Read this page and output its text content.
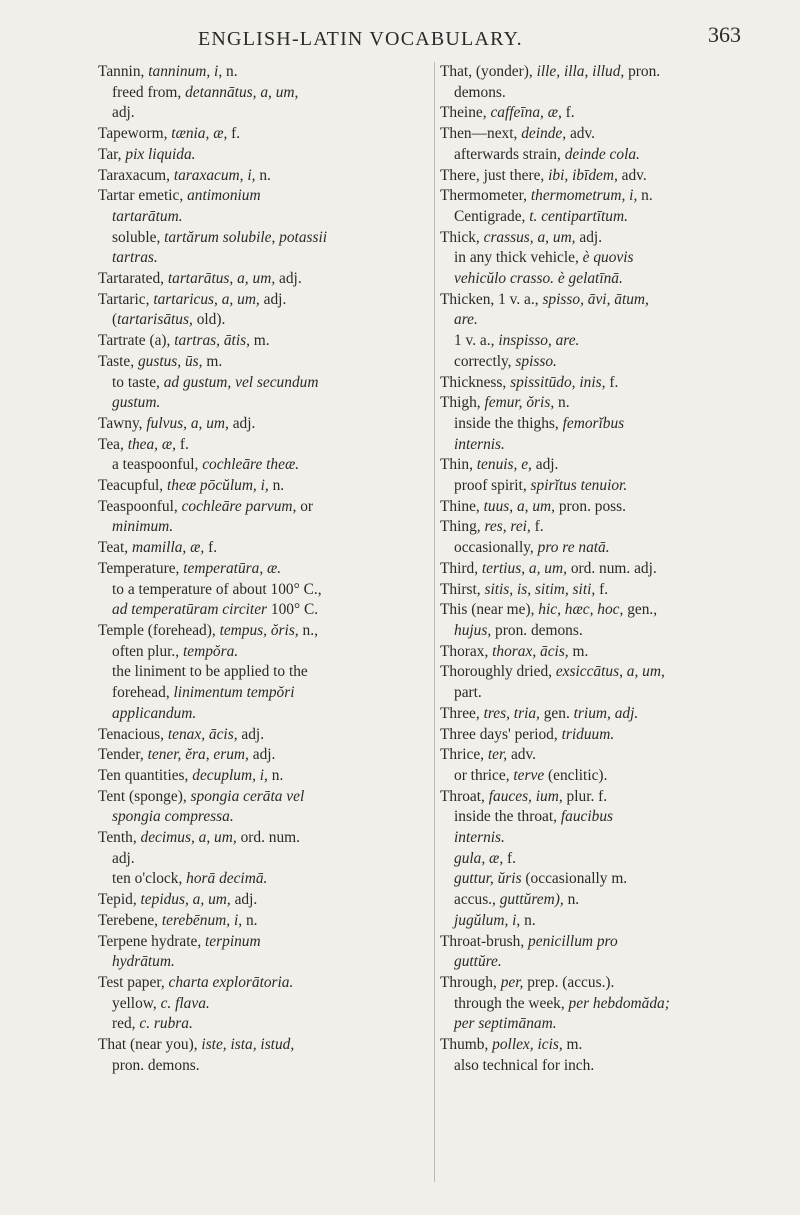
ENGLISH-LATIN VOCABULARY.	363
Tannin, tanninum, i, n.
freed from, detannātus, a, um,
adj.
Tapeworm, tænia, æ, f.
Tar, pix liquida.
Taraxacum, taraxacum, i, n.
Tartar emetic, antimonium
tartarātum.
soluble, tartărum solubile, potassii
tartras.
Tartarated, tartarātus, a, um, adj.
Tartaric, tartaricus, a, um, adj.
(tartarisātus, old).
Tartrate (a), tartras, ātis, m.
Taste, gustus, ūs, m.
to taste, ad gustum, vel secundum
gustum.
Tawny, fulvus, a, um, adj.
Tea, thea, æ, f.
a teaspoonful, cochleāre theæ.
Teacupful, theæ pōcŭlum, i, n.
Teaspoonful, cochleāre parvum, or
minimum.
Teat, mamilla, æ, f.
Temperature, temperatūra, æ.
to a temperature of about 100° C.,
ad temperatūram circiter 100° C.
Temple (forehead), tempus, ŏris, n.,
often plur., tempŏra.
the liniment to be applied to the
forehead, linimentum tempŏri
applicandum.
Tenacious, tenax, ācis, adj.
Tender, tener, ĕra, erum, adj.
Ten quantities, decuplum, i, n.
Tent (sponge), spongia cerāta vel
spongia compressa.
Tenth, decimus, a, um, ord. num.
adj.
ten o'clock, horā decimā.
Tepid, tepidus, a, um, adj.
Terebene, terebēnum, i, n.
Terpene hydrate, terpinum
hydrātum.
Test paper, charta explorātoria.
yellow, c. flava.
red, c. rubra.
That (near you), iste, ista, istud,
pron. demons.
That, (yonder), ille, illa, illud, pron.
demons.
Theine, caffeīna, æ, f.
Then—next, deinde, adv.
afterwards strain, deinde cola.
There, just there, ibi, ibīdem, adv.
Thermometer, thermometrum, i, n.
Centigrade, t. centipartītum.
Thick, crassus, a, um, adj.
in any thick vehicle, è quovis
vehicŭlo crasso. è gelatīnā.
Thicken, 1 v. a., spisso, āvi, ātum,
are.
1 v. a., inspisso, are.
correctly, spisso.
Thickness, spissitūdo, inis, f.
Thigh, femur, ŏris, n.
inside the thighs, femorĭbus
internis.
Thin, tenuis, e, adj.
proof spirit, spirĭtus tenuior.
Thine, tuus, a, um, pron. poss.
Thing, res, rei, f.
occasionally, pro re natā.
Third, tertius, a, um, ord. num. adj.
Thirst, sitis, is, sitim, siti, f.
This (near me), hic, hæc, hoc, gen.,
hujus, pron. demons.
Thorax, thorax, ācis, m.
Thoroughly dried, exsiccātus, a, um,
part.
Three, tres, tria, gen. trium, adj.
Three days' period, triduum.
Thrice, ter, adv.
or thrice, terve (enclitic).
Throat, fauces, ium, plur. f.
inside the throat, faucibus
internis.
gula, æ, f.
guttur, ŭris (occasionally m.
accus., guttŭrem), n.
jugŭlum, i, n.
Throat-brush, penicillum pro
guttŭre.
Through, per, prep. (accus.).
through the week, per hebdomăda;
per septimānam.
Thumb, pollex, icis, m.
also technical for inch.
